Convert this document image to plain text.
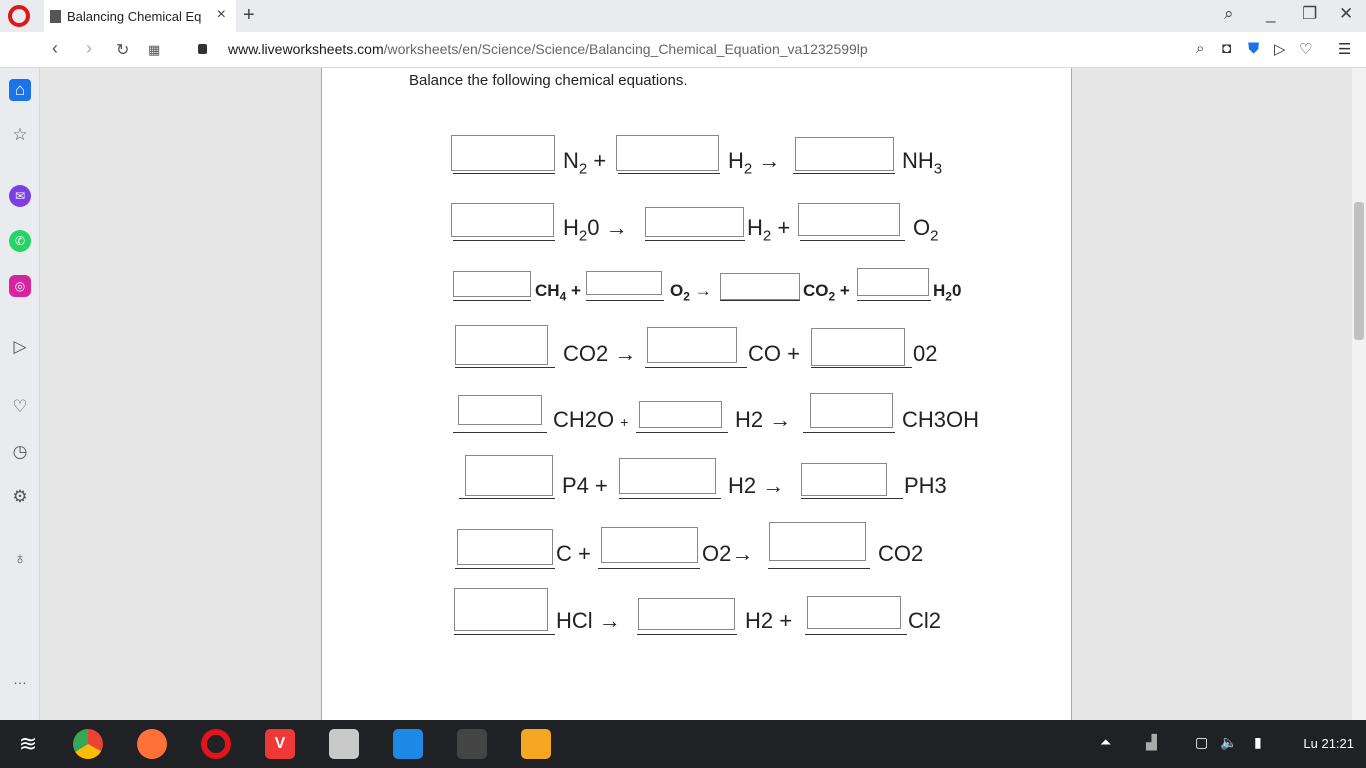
Balancing Chemical Eq × +	⌕ _ ❐ ✕
‹ › ↻ ▦	www.liveworksheets.com/worksheets/en/Science/Science/Balancing_Chemical_Equation_va1232599lp	⌕ ◘ ⛊ ▷ ♡ ☰
⌂
☆
✉
✆
◎
▷
♡
◷
⚙
♁
…
Balance the following chemical equations.
$N_2$ +	$H_2$ →	$NH_3$
$H_20$ →	$H_2$ +	$O_2$
$CH_4$ +	$O_2$ →	$CO_2$ +	$H_20$
CO2 →	CO +	02
CH2O +	H2 →	CH3OH
P4 +	H2 →	PH3
C +	O2→	CO2
HCl →	H2 +	Cl2
≋	V	⏶ ▟	▢ 🔈 ▮	Lu 21:21
